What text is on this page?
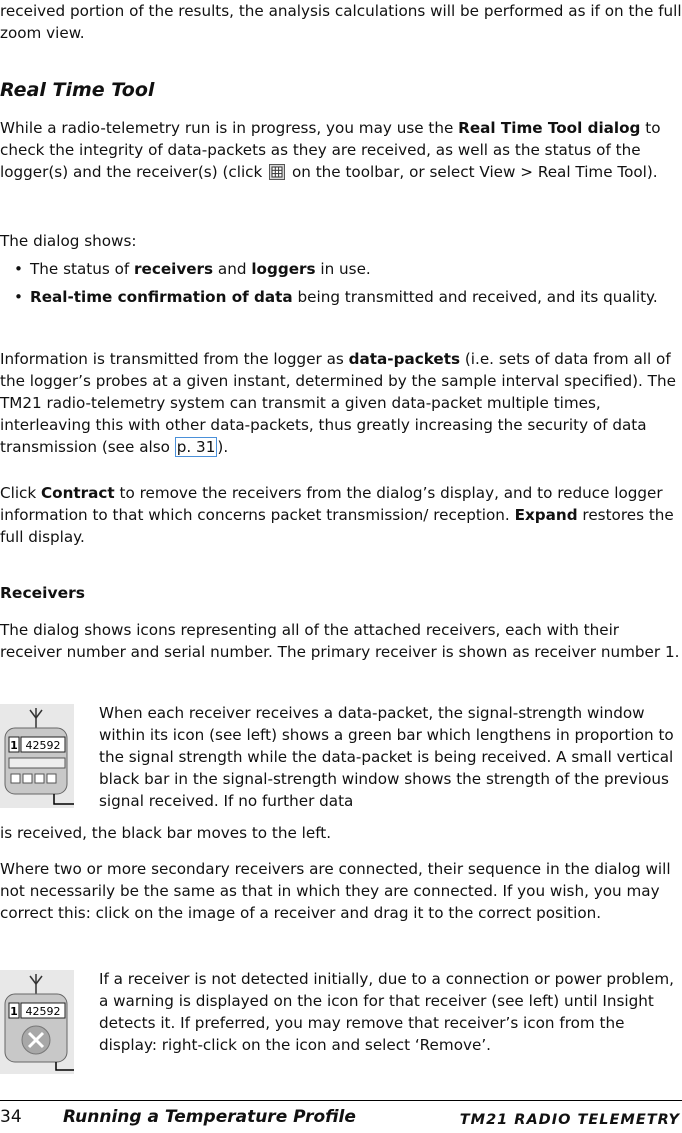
received portion of the results, the analysis calculations will be performed as if on the full zoom view.

Real Time Tool

While a radio-telemetry run is in progress, you may use the Real Time Tool dialog to check the integrity of data-packets as they are received, as well as the status of the logger(s) and the receiver(s) (click  on the toolbar, or select View > Real Time Tool).

The dialog shows:

• The status of receivers and loggers in use.
• Real-time confirmation of data being transmitted and received, and its quality.

Information is transmitted from the logger as data-packets (i.e. sets of data from all of the logger’s probes at a given instant, determined by the sample interval specified). The TM21 radio-telemetry system can transmit a given data-packet multiple times, interleaving this with other data-packets, thus greatly increasing the security of data transmission (see also p. 31 ).

Click Contract to remove the receivers from the dialog’s display, and to reduce logger information to that which concerns packet transmission/ reception. Expand restores the full display.

Receivers

The dialog shows icons representing all of the attached receivers, each with their receiver number and serial number. The primary receiver is shown as receiver number 1.

1 42592

When each receiver receives a data-packet, the signal-strength window within its icon (see left) shows a green bar which lengthens in proportion to the signal strength while the data-packet is being received. A small vertical black bar in the signal-strength window shows the strength of the previous signal received. If no further data

is received, the black bar moves to the left.

Where two or more secondary receivers are connected, their sequence in the dialog will not necessarily be the same as that in which they are connected. If you wish, you may correct this: click on the image of a receiver and drag it to the correct position.

1 42592

If a receiver is not detected initially, due to a connection or power problem, a warning is displayed on the icon for that receiver (see left) until Insight detects it. If preferred, you may remove that receiver’s icon from the display: right-click on the icon and select ‘Remove’.

34 Running a Temperature Profile	TM21 RADIO TELEMETRY
